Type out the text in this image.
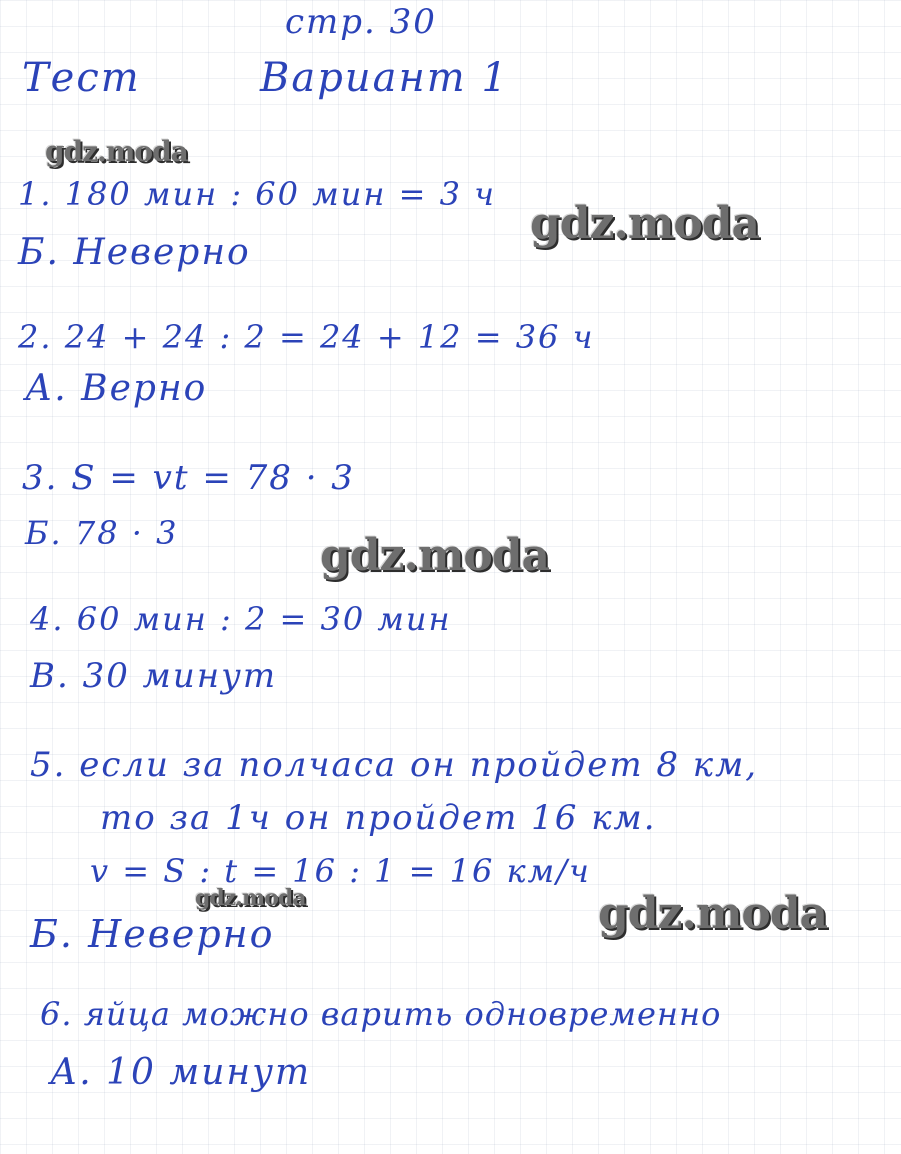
стр. 30
Тест	Вариант 1
1. 180 мин : 60 мин = 3 ч
Б. Неверно
2. 24 + 24 : 2 = 24 + 12 = 36 ч
А. Верно
3. S = vt = 78 · 3
Б. 78 · 3
4. 60 мин : 2 = 30 мин
В. 30 минут
5. если за полчаса он пройдет 8 км,
то за 1ч он пройдет 16 км.
v = S : t = 16 : 1 = 16 км/ч
Б. Неверно
6. яйца можно варить одновременно
А. 10 минут
gdz.moda
gdz.moda
gdz.moda
gdz.moda	gdz.moda
